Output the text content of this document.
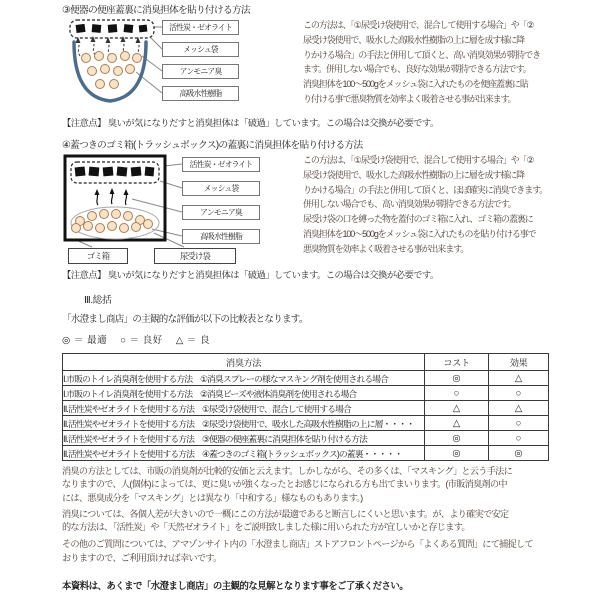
③便器の便座蓋裏に消臭担体を貼り付ける方法
活性炭・ゼオライト
メッシュ袋
アンモニア臭
高吸水性樹脂
この方法は、「①尿受け袋使用で、混合して使用する場合」や「②
尿受け袋使用で、吸水した高吸水性樹脂の上に層を成す様に降
りかける場合」の手法と併用して頂くと、高い消臭効果が期待でき
ます。併用しない場合でも、良好な効果が期待できる方法です。
消臭担体を100～500gをメッシュ袋に入れたものを便座蓋裏に貼
り付ける事で悪臭物質を効率よく吸着させる事が出来ます。
【注意点】 臭いが気になりだすと消臭担体は「破過」しています。この場合は交換が必要です。
④蓋つきのゴミ箱(トラッシュボックス)の蓋裏に消臭担体を貼り付ける方法
活性炭・ゼオライト
メッシュ袋
アンモニア臭
高吸水性樹脂
ゴミ箱	尿受け袋
この方法は、「①尿受け袋使用で、混合して使用する場合」や「②
尿受け袋使用で、吸水した高吸水性樹脂の上に層を成す様に降
りかける場合」の手法と併用して頂くと、ほぼ確実に消臭できます。
併用しない場合でも、高い消臭効果が期待できる方法です。
尿受け袋の口を縛った物を蓋付のゴミ箱に入れ、ゴミ箱の蓋裏に
消臭担体を100～500gをメッシュ袋に入れたものを貼り付ける事で
悪臭物質を効率よく吸着させる事が出来ます。
【注意点】 臭いが気になりだすと消臭担体は「破過」しています。この場合は交換が必要です。
Ⅲ.総括
「水澄まし商店」の主観的な評価が以下の比較表となります。
◎ ＝ 最適　 ○ ＝ 良好　 △ ＝ 良
消臭方法	コスト	効果
Ⅰ.市販のトイレ消臭剤を使用する方法　①消臭スプレーの様なマスキング剤を使用される場合	◎	△
Ⅰ.市販のトイレ消臭剤を使用する方法　②消臭ビーズや液体消臭剤を使用される場合	○	○
Ⅱ.活性炭やゼオライトを使用する方法　①尿受け袋使用で、混合して使用する場合	△	△
Ⅱ.活性炭やゼオライトを使用する方法　②尿受け袋使用で、吸水した高吸水性樹脂の上に層・・・・	△	○
Ⅱ.活性炭やゼオライトを使用する方法　③便器の便座蓋裏に消臭担体を貼り付ける方法	◎	○
Ⅱ.活性炭やゼオライトを使用する方法　④蓋つきのゴミ箱(トラッシュボックス)の蓋裏・・・・・	◎	◎
消臭の方法としては、市販の消臭剤が比較的安価と云えます。しかしながら、その多くは、「マスキング」と云う手法に
なりますので、人(個体)によっては、更に臭いが強くなったとお感じになられる方も出てまいります。(市販消臭剤の中
には、悪臭成分を「マスキング」とは異なり「中和する」様なものもあります。)
消臭については、各個人差が大きいので一概にこの方法が最適であると断言しにくいと思います。が、より確実で安定
的な方法は、「活性炭」や「天然ゼオライト」をご説明致しました様に用いられた方が宜しいかと存じます。
その他のご質問については、アマゾンサイト内の「水澄まし商店」ストアフロントページから「よくある質問」にて捕捉して
おりますので、ご利用頂ければ幸いです。
本資料は、あくまで「水澄まし商店」の主観的な見解となります事をご了承ください。
